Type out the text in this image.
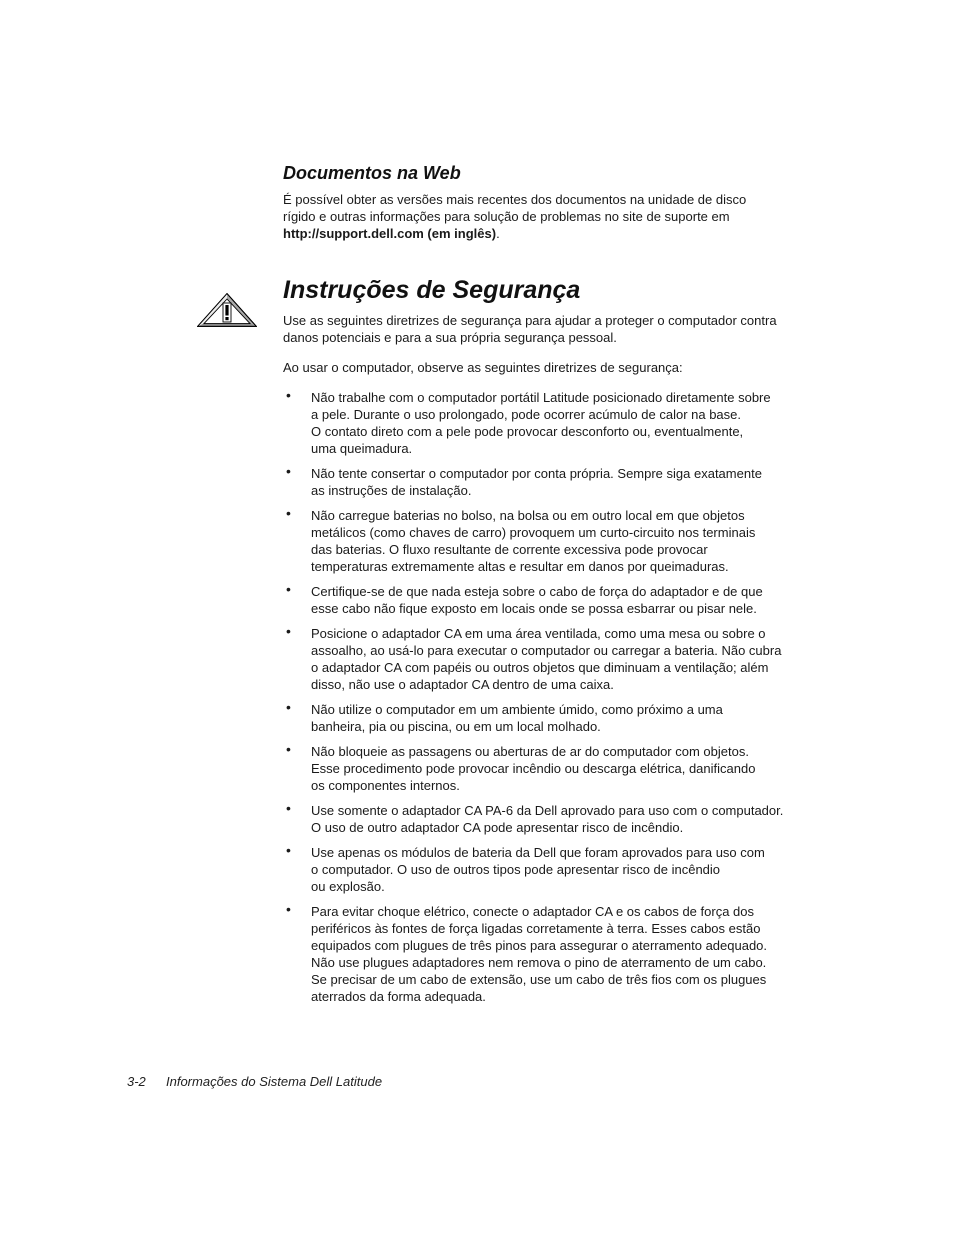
Documentos na Web

É possível obter as versões mais recentes dos documentos na unidade de disco
rígido e outras informações para solução de problemas no site de suporte em
http://support.dell.com (em inglês).

Instruções de Segurança

Use as seguintes diretrizes de segurança para ajudar a proteger o computador contra
danos potenciais e para a sua própria segurança pessoal.

Ao usar o computador, observe as seguintes diretrizes de segurança:

• Não trabalhe com o computador portátil Latitude posicionado diretamente sobre
a pele. Durante o uso prolongado, pode ocorrer acúmulo de calor na base.
O contato direto com a pele pode provocar desconforto ou, eventualmente,
uma queimadura.
• Não tente consertar o computador por conta própria. Sempre siga exatamente
as instruções de instalação.
• Não carregue baterias no bolso, na bolsa ou em outro local em que objetos
metálicos (como chaves de carro) provoquem um curto-circuito nos terminais
das baterias. O fluxo resultante de corrente excessiva pode provocar
temperaturas extremamente altas e resultar em danos por queimaduras.
• Certifique-se de que nada esteja sobre o cabo de força do adaptador e de que
esse cabo não fique exposto em locais onde se possa esbarrar ou pisar nele.
• Posicione o adaptador CA em uma área ventilada, como uma mesa ou sobre o
assoalho, ao usá-lo para executar o computador ou carregar a bateria. Não cubra
o adaptador CA com papéis ou outros objetos que diminuam a ventilação; além
disso, não use o adaptador CA dentro de uma caixa.
• Não utilize o computador em um ambiente úmido, como próximo a uma
banheira, pia ou piscina, ou em um local molhado.
• Não bloqueie as passagens ou aberturas de ar do computador com objetos.
Esse procedimento pode provocar incêndio ou descarga elétrica, danificando
os componentes internos.
• Use somente o adaptador CA PA-6 da Dell aprovado para uso com o computador.
O uso de outro adaptador CA pode apresentar risco de incêndio.
• Use apenas os módulos de bateria da Dell que foram aprovados para uso com
o computador. O uso de outros tipos pode apresentar risco de incêndio
ou explosão.
• Para evitar choque elétrico, conecte o adaptador CA e os cabos de força dos
periféricos às fontes de força ligadas corretamente à terra. Esses cabos estão
equipados com plugues de três pinos para assegurar o aterramento adequado.
Não use plugues adaptadores nem remova o pino de aterramento de um cabo.
Se precisar de um cabo de extensão, use um cabo de três fios com os plugues
aterrados da forma adequada.
3-2 Informações do Sistema Dell Latitude
